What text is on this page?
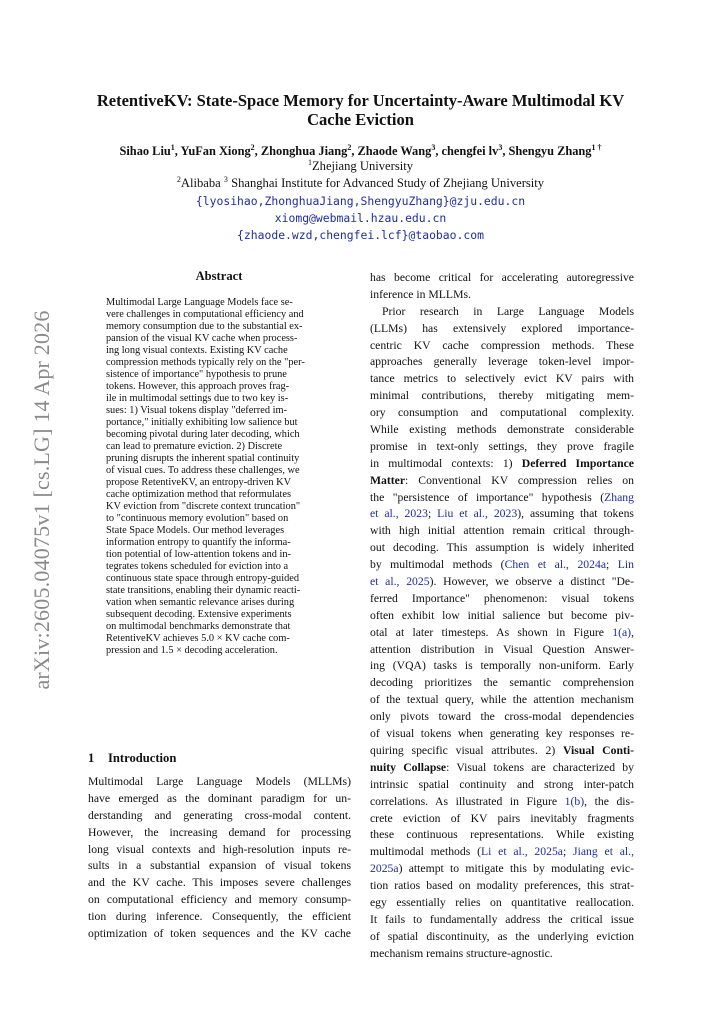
arXiv:2605.04075v1 [cs.LG] 14 Apr 2026
RetentiveKV: State-Space Memory for Uncertainty-Aware Multimodal KV
Cache Eviction
Sihao Liu$^1$, YuFan Xiong$^2$, Zhonghua Jiang$^2$, Zhaode Wang$^3$, chengfei $lv^3$, Shengyu Zhang$^{1 \dagger}$
$^1$Zhejiang University
$^2$Alibaba $^3$ Shanghai Institute for Advanced Study of Zhejiang University
{lyosihao,ZhonghuaJiang,ShengyuZhang}@zju.edu.cn
xiomg@webmail.hzau.edu.cn
{zhaode.wzd,chengfei.lcf}@taobao.com
Abstract
Multimodal Large Language Models face se-
vere challenges in computational efficiency and
memory consumption due to the substantial ex-
pansion of the visual KV cache when process-
ing long visual contexts. Existing KV cache
compression methods typically rely on the "per-
sistence of importance" hypothesis to prune
tokens. However, this approach proves frag-
ile in multimodal settings due to two key is-
sues: 1) Visual tokens display "deferred im-
portance," initially exhibiting low salience but
becoming pivotal during later decoding, which
can lead to premature eviction. 2) Discrete
pruning disrupts the inherent spatial continuity
of visual cues. To address these challenges, we
propose RetentiveKV, an entropy-driven KV
cache optimization method that reformulates
KV eviction from "discrete context truncation"
to "continuous memory evolution" based on
State Space Models. Our method leverages
information entropy to quantify the informa-
tion potential of low-attention tokens and in-
tegrates tokens scheduled for eviction into a
continuous state space through entropy-guided
state transitions, enabling their dynamic reacti-
vation when semantic relevance arises during
subsequent decoding. Extensive experiments
on multimodal benchmarks demonstrate that
RetentiveKV achieves 5.0 × KV cache com-
pression and 1.5 × decoding acceleration.
1 Introduction
Multimodal Large Language Models (MLLMs)
have emerged as the dominant paradigm for un-
derstanding and generating cross-modal content.
However, the increasing demand for processing
long visual contexts and high-resolution inputs re-
sults in a substantial expansion of visual tokens
and the KV cache. This imposes severe challenges
on computational efficiency and memory consump-
tion during inference. Consequently, the efficient
optimization of token sequences and the KV cache
has become critical for accelerating autoregressive
inference in MLLMs.
Prior research in Large Language Models
(LLMs) has extensively explored importance-
centric KV cache compression methods. These
approaches generally leverage token-level impor-
tance metrics to selectively evict KV pairs with
minimal contributions, thereby mitigating mem-
ory consumption and computational complexity.
While existing methods demonstrate considerable
promise in text-only settings, they prove fragile
in multimodal contexts: 1) Deferred Importance
Matter: Conventional KV compression relies on
the "persistence of importance" hypothesis (Zhang
et al., 2023; Liu et al., 2023), assuming that tokens
with high initial attention remain critical through-
out decoding. This assumption is widely inherited
by multimodal methods (Chen et al., 2024a; Lin
et al., 2025). However, we observe a distinct "De-
ferred Importance" phenomenon: visual tokens
often exhibit low initial salience but become piv-
otal at later timesteps. As shown in Figure 1(a),
attention distribution in Visual Question Answer-
ing (VQA) tasks is temporally non-uniform. Early
decoding prioritizes the semantic comprehension
of the textual query, while the attention mechanism
only pivots toward the cross-modal dependencies
of visual tokens when generating key responses re-
quiring specific visual attributes. 2) Visual Conti-
nuity Collapse: Visual tokens are characterized by
intrinsic spatial continuity and strong inter-patch
correlations. As illustrated in Figure 1(b), the dis-
crete eviction of KV pairs inevitably fragments
these continuous representations. While existing
multimodal methods (Li et al., 2025a; Jiang et al.,
2025a) attempt to mitigate this by modulating evic-
tion ratios based on modality preferences, this strat-
egy essentially relies on quantitative reallocation.
It fails to fundamentally address the critical issue
of spatial discontinuity, as the underlying eviction
mechanism remains structure-agnostic.
